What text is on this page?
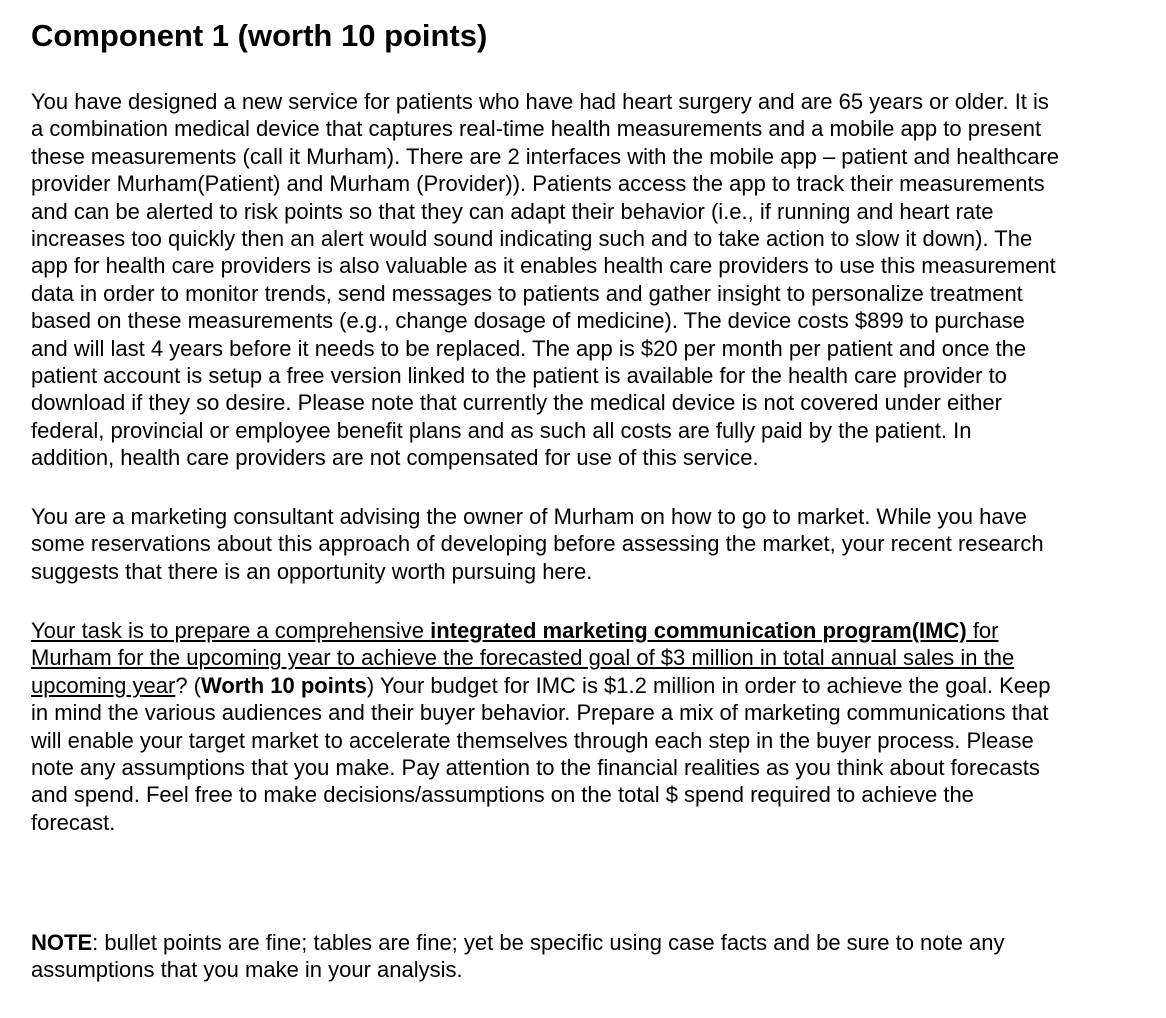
Component 1 (worth 10 points)
You have designed a new service for patients who have had heart surgery and are 65 years or older. It is
a combination medical device that captures real-time health measurements and a mobile app to present
these measurements (call it Murham). There are 2 interfaces with the mobile app – patient and healthcare
provider Murham(Patient) and Murham (Provider)). Patients access the app to track their measurements
and can be alerted to risk points so that they can adapt their behavior (i.e., if running and heart rate
increases too quickly then an alert would sound indicating such and to take action to slow it down). The
app for health care providers is also valuable as it enables health care providers to use this measurement
data in order to monitor trends, send messages to patients and gather insight to personalize treatment
based on these measurements (e.g., change dosage of medicine). The device costs $899 to purchase
and will last 4 years before it needs to be replaced. The app is $20 per month per patient and once the
patient account is setup a free version linked to the patient is available for the health care provider to
download if they so desire. Please note that currently the medical device is not covered under either
federal, provincial or employee benefit plans and as such all costs are fully paid by the patient. In
addition, health care providers are not compensated for use of this service.
You are a marketing consultant advising the owner of Murham on how to go to market. While you have
some reservations about this approach of developing before assessing the market, your recent research
suggests that there is an opportunity worth pursuing here.
Your task is to prepare a comprehensive integrated marketing communication program(IMC) for
Murham for the upcoming year to achieve the forecasted goal of $3 million in total annual sales in the
upcoming year? (Worth 10 points) Your budget for IMC is $1.2 million in order to achieve the goal. Keep
in mind the various audiences and their buyer behavior. Prepare a mix of marketing communications that
will enable your target market to accelerate themselves through each step in the buyer process. Please
note any assumptions that you make. Pay attention to the financial realities as you think about forecasts
and spend. Feel free to make decisions/assumptions on the total $ spend required to achieve the
forecast.
NOTE: bullet points are fine; tables are fine; yet be specific using case facts and be sure to note any
assumptions that you make in your analysis.
